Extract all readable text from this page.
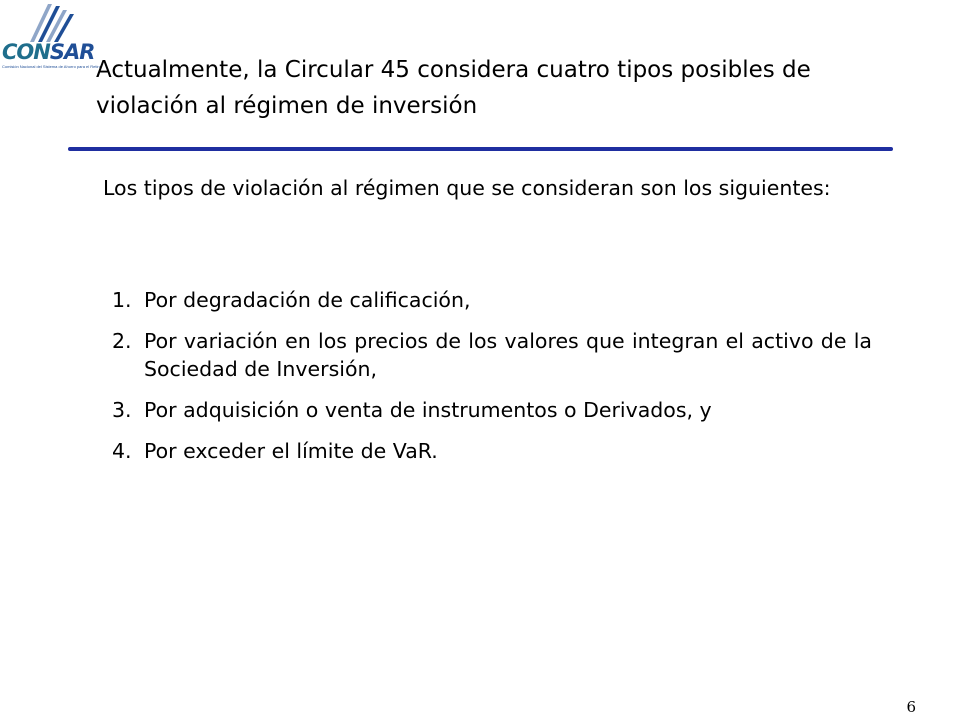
CONSAR
Comisión Nacional del Sistema de Ahorro para el Retiro
Actualmente, la Circular 45 considera cuatro tipos posibles de violación al régimen de inversión

Los tipos de violación al régimen que se consideran son los siguientes:

1. Por degradación de calificación,
2. Por variación en los precios de los valores que integran el activo de la Sociedad de Inversión,
3. Por adquisición o venta de instrumentos o Derivados, y
4. Por exceder el límite de VaR.
6
